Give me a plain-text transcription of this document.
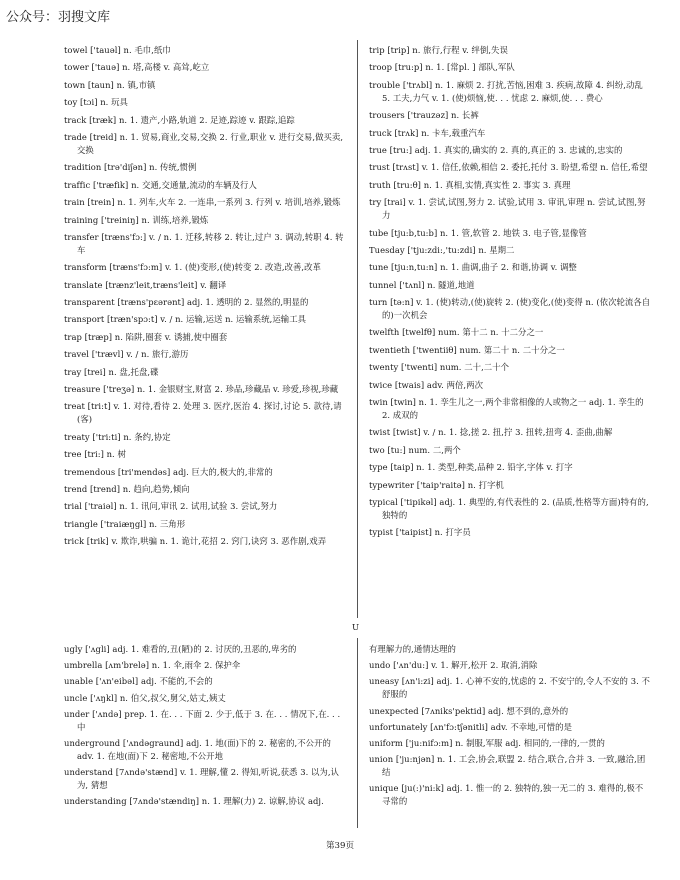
公众号：羽搜文库
towel ['tauəl] n. 毛巾,纸巾
tower ['tauə] n. 塔,高楼 v. 高耸,屹立
town [taun] n. 镇,市镇
toy [tɔi] n. 玩具
track [træk] n. 1. 遗产,小路,轨道 2. 足迹,踪迹 v. 跟踪,追踪
trade [treid] n. 1. 贸易,商业,交易,交换 2. 行业,职业 v. 进行交易,做买卖,交换
tradition [trə'diʃən] n. 传统,惯例
traffic ['træfik] n. 交通,交通量,流动的车辆及行人
train [trein] n. 1. 列车,火车 2. 一连串,一系列 3. 行列 v. 培训,培养,锻炼
training ['treiniŋ] n. 训练,培养,锻炼
transfer [træns'fɔ:] v. / n. 1. 迁移,转移 2. 转让,过户 3. 调动,转职 4. 转车
transform [træns'fɔ:m] v. 1. (使)变形,(使)转变 2. 改造,改善,改革
translate [trænz'leit,træns'leit] v. 翻译
transparent [træns'pɛərənt] adj. 1. 透明的 2. 显然的,明显的
transport [træn'spɔ:t] v. / n. 运输,运送 n. 运输系统,运输工具
trap [træp] n. 陷阱,圈套 v. 诱捕,使中圈套
travel ['trævl] v. / n. 旅行,游历
tray [trei] n. 盘,托盘,碟
treasure ['treʒə] n. 1. 金银财宝,财富 2. 珍品,珍藏品 v. 珍爱,珍视,珍藏
treat [tri:t] v. 1. 对待,看待 2. 处理 3. 医疗,医治 4. 探讨,讨论 5. 款待,请(客)
treaty ['tri:ti] n. 条约,协定
tree [tri:] n. 树
tremendous [tri'mendəs] adj. 巨大的,极大的,非常的
trend [trend] n. 趋向,趋势,倾向
trial ['traiəl] n. 1. 讯问,审讯 2. 试用,试验 3. 尝试,努力
triangle ['traiæŋgl] n. 三角形
trick [trik] v. 欺诈,哄骗 n. 1. 诡计,花招 2. 窍门,诀窍 3. 恶作剧,戏弄
trip [trip] n. 旅行,行程 v. 绊倒,失误
troop [tru:p] n. 1. [常pl. ] 部队,军队
trouble ['trʌbl] n. 1. 麻烦 2. 打扰,苦恼,困难 3. 疾病,故障 4. 纠纷,动乱 5. 工夫,力气 v. 1. (使)烦恼,使. . . 忧虑 2. 麻烦,使. . . 费心
trousers ['trauzəz] n. 长裤
truck [trʌk] n. 卡车,载重汽车
true [tru:] adj. 1. 真实的,确实的 2. 真的,真正的 3. 忠诚的,忠实的
trust [trʌst] v. 1. 信任,依赖,相信 2. 委托,托付 3. 盼望,希望 n. 信任,希望
truth [tru:θ] n. 1. 真相,实情,真实性 2. 事实 3. 真理
try [trai] v. 1. 尝试,试图,努力 2. 试验,试用 3. 审讯,审理 n. 尝试,试图,努力
tube [tju:b,tu:b] n. 1. 管,软管 2. 地铁 3. 电子管,显像管
Tuesday ['tju:zdi:,'tu:zdi] n. 星期二
tune [tju:n,tu:n] n. 1. 曲调,曲子 2. 和谐,协调 v. 调整
tunnel ['tʌnl] n. 隧道,地道
turn [tə:n] v. 1. (使)转动,(使)旋转 2. (使)变化,(使)变得 n. (依次轮流各自的)一次机会
twelfth [twelfθ] num. 第十二 n. 十二分之一
twentieth ['twentiiθ] num. 第二十 n. 二十分之一
twenty ['twenti] num. 二十,二十个
twice [twais] adv. 两倍,两次
twin [twin] n. 1. 孪生儿之一,两个非常相像的人或物之一 adj. 1. 孪生的 2. 成双的
twist [twist] v. / n. 1. 捻,搓 2. 扭,拧 3. 扭转,扭弯 4. 歪曲,曲解
two [tu:] num. 二,两个
type [taip] n. 1. 类型,种类,品种 2. 铅字,字体 v. 打字
typewriter ['taip'raitə] n. 打字机
typical ['tipikəl] adj. 1. 典型的,有代表性的 2. (品质,性格等方面)特有的,独特的
typist ['taipist] n. 打字员
U
ugly ['ʌgli] adj. 1. 难看的,丑(陋)的 2. 讨厌的,丑恶的,卑劣的
umbrella [ʌm'brelə] n. 1. 伞,雨伞 2. 保护伞
unable ['ʌn'eibəl] adj. 不能的,不会的
uncle ['ʌŋkl] n. 伯父,叔父,舅父,姑丈,姨丈
under ['ʌndə] prep. 1. 在. . . 下面 2. 少于,低于 3. 在. . . 情况下,在. . . 中
underground ['ʌndəgraund] adj. 1. 地(面)下的 2. 秘密的,不公开的 adv. 1. 在地(面)下 2. 秘密地,不公开地
understand [7ʌndə'stænd] v. 1. 理解,懂 2. 得知,听说,获悉 3. 以为,认为, 猜想
understanding [7ʌndə'stændiŋ] n. 1. 理解(力) 2. 谅解,协议 adj.
有理解力的,通情达理的
undo ['ʌn'du:] v. 1. 解开,松开 2. 取消,消除
uneasy [ʌn'i:zi] adj. 1. 心神不安的,忧虑的 2. 不安宁的,令人不安的 3. 不舒服的
unexpected [7ʌniks'pektid] adj. 想不到的,意外的
unfortunately [ʌn'fɔ:tʃənitli] adv. 不幸地,可惜的是
uniform ['ju:nifɔ:m] n. 制服,军服 adj. 相同的,一律的,一贯的
union ['ju:njən] n. 1. 工会,协会,联盟 2. 结合,联合,合并 3. 一致,融洽,团结
unique [ju(:)'ni:k] adj. 1. 惟一的 2. 独特的,独一无二的 3. 难得的,极不寻常的
第39页
